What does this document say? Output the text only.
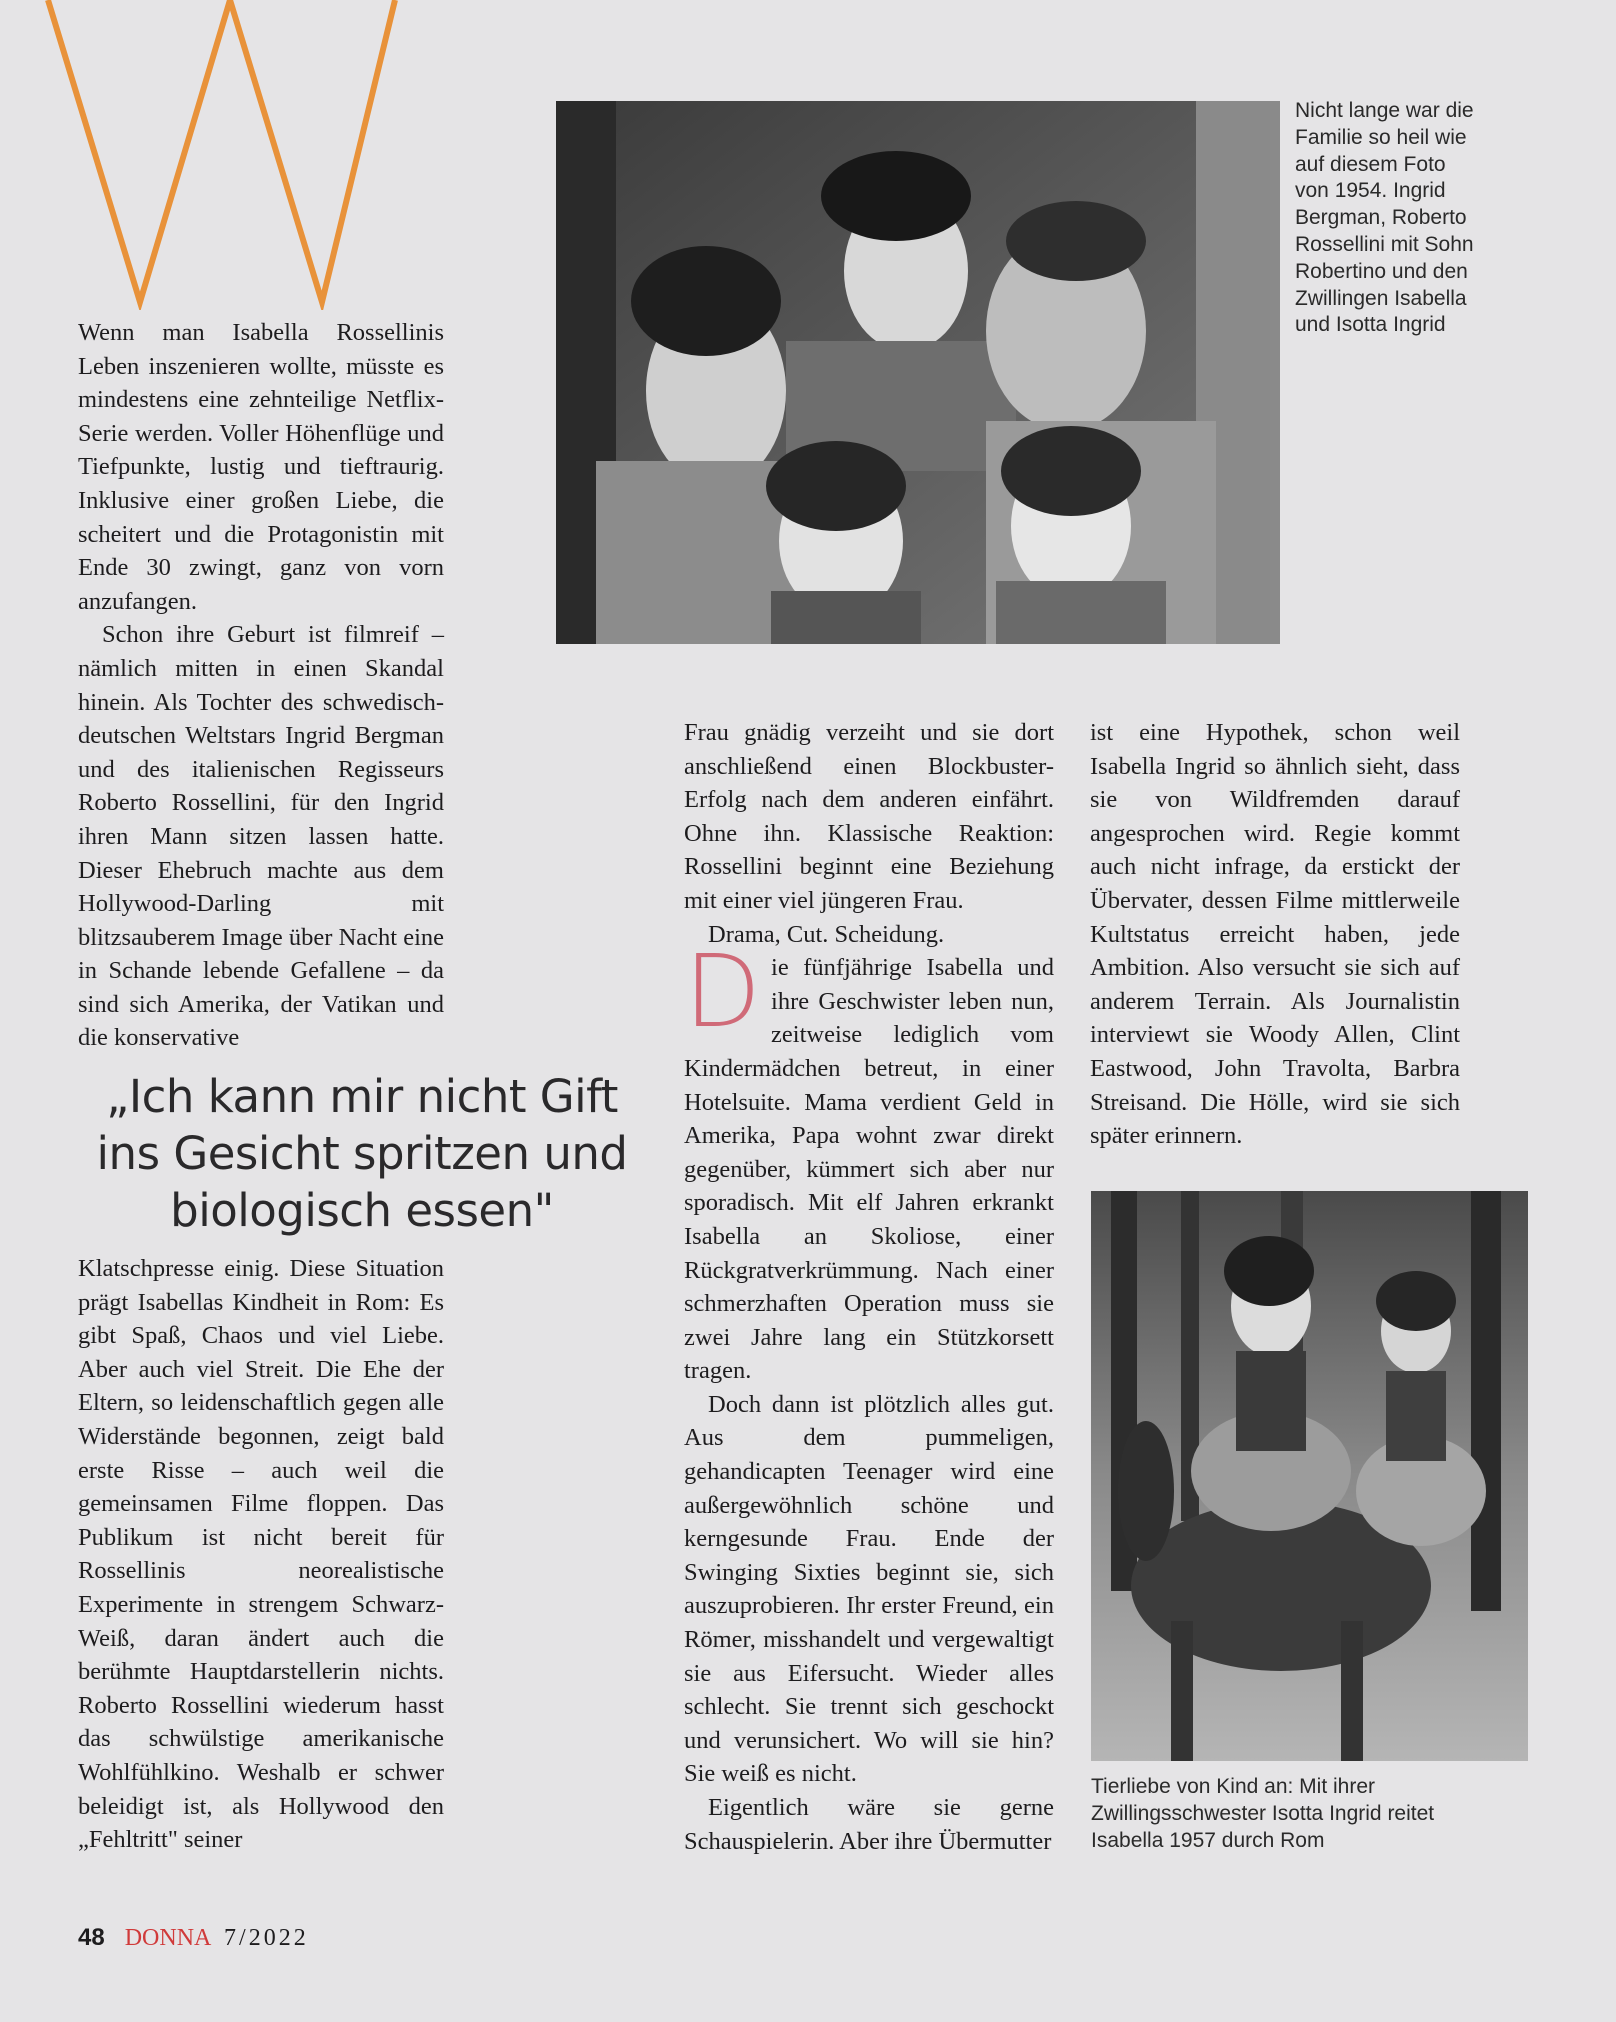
Wenn man Isabella Rossellinis Leben inszenieren wollte, müsste es mindestens eine zehnteilige Netflix-Serie werden. Voller Höhenflüge und Tiefpunkte, lustig und tieftraurig. Inklusive einer großen Liebe, die scheitert und die Protagonistin mit Ende 30 zwingt, ganz von vorn anzufangen.

Schon ihre Geburt ist filmreif – nämlich mitten in einen Skandal hinein. Als Tochter des schwedisch-deutschen Weltstars Ingrid Bergman und des italienischen Regisseurs Roberto Rossellini, für den Ingrid ihren Mann sitzen lassen hatte. Dieser Ehebruch machte aus dem Hollywood-Darling mit blitzsauberem Image über Nacht eine in Schande lebende Gefallene – da sind sich Amerika, der Vatikan und die konservative

„Ich kann mir nicht Gift ins Gesicht spritzen und biologisch essen"

Klatschpresse einig. Diese Situation prägt Isabellas Kindheit in Rom: Es gibt Spaß, Chaos und viel Liebe. Aber auch viel Streit. Die Ehe der Eltern, so leidenschaftlich gegen alle Widerstände begonnen, zeigt bald erste Risse – auch weil die gemeinsamen Filme floppen. Das Publikum ist nicht bereit für Rossellinis neorealistische Experimente in strengem Schwarz-Weiß, daran ändert auch die berühmte Hauptdarstellerin nichts. Roberto Rossellini wiederum hasst das schwülstige amerikanische Wohlfühlkino. Weshalb er schwer beleidigt ist, als Hollywood den „Fehltritt" seiner

Nicht lange war die Familie so heil wie auf diesem Foto von 1954. Ingrid Bergman, Roberto Rossellini mit Sohn Robertino und den Zwillingen Isabella und Isotta Ingrid

Frau gnädig verzeiht und sie dort anschließend einen Blockbuster-Erfolg nach dem anderen einfährt. Ohne ihn. Klassische Reaktion: Rossellini beginnt eine Beziehung mit einer viel jüngeren Frau.

Drama, Cut. Scheidung.

Die fünfjährige Isabella und ihre Geschwister leben nun, zeitweise lediglich vom Kindermädchen betreut, in einer Hotelsuite. Mama verdient Geld in Amerika, Papa wohnt zwar direkt gegenüber, kümmert sich aber nur sporadisch. Mit elf Jahren erkrankt Isabella an Skoliose, einer Rückgratverkrümmung. Nach einer schmerzhaften Operation muss sie zwei Jahre lang ein Stützkorsett tragen.

Doch dann ist plötzlich alles gut. Aus dem pummeligen, gehandicapten Teenager wird eine außergewöhnlich schöne und kerngesunde Frau. Ende der Swinging Sixties beginnt sie, sich auszuprobieren. Ihr erster Freund, ein Römer, misshandelt und vergewaltigt sie aus Eifersucht. Wieder alles schlecht. Sie trennt sich geschockt und verunsichert. Wo will sie hin? Sie weiß es nicht.

Eigentlich wäre sie gerne Schauspielerin. Aber ihre Übermutter

ist eine Hypothek, schon weil Isabella Ingrid so ähnlich sieht, dass sie von Wildfremden darauf angesprochen wird. Regie kommt auch nicht infrage, da erstickt der Übervater, dessen Filme mittlerweile Kultstatus erreicht haben, jede Ambition. Also versucht sie sich auf anderem Terrain. Als Journalistin interviewt sie Woody Allen, Clint Eastwood, John Travolta, Barbra Streisand. Die Hölle, wird sie sich später erinnern.

Tierliebe von Kind an: Mit ihrer Zwillingsschwester Isotta Ingrid reitet Isabella 1957 durch Rom
48 DONNA 7/2022
